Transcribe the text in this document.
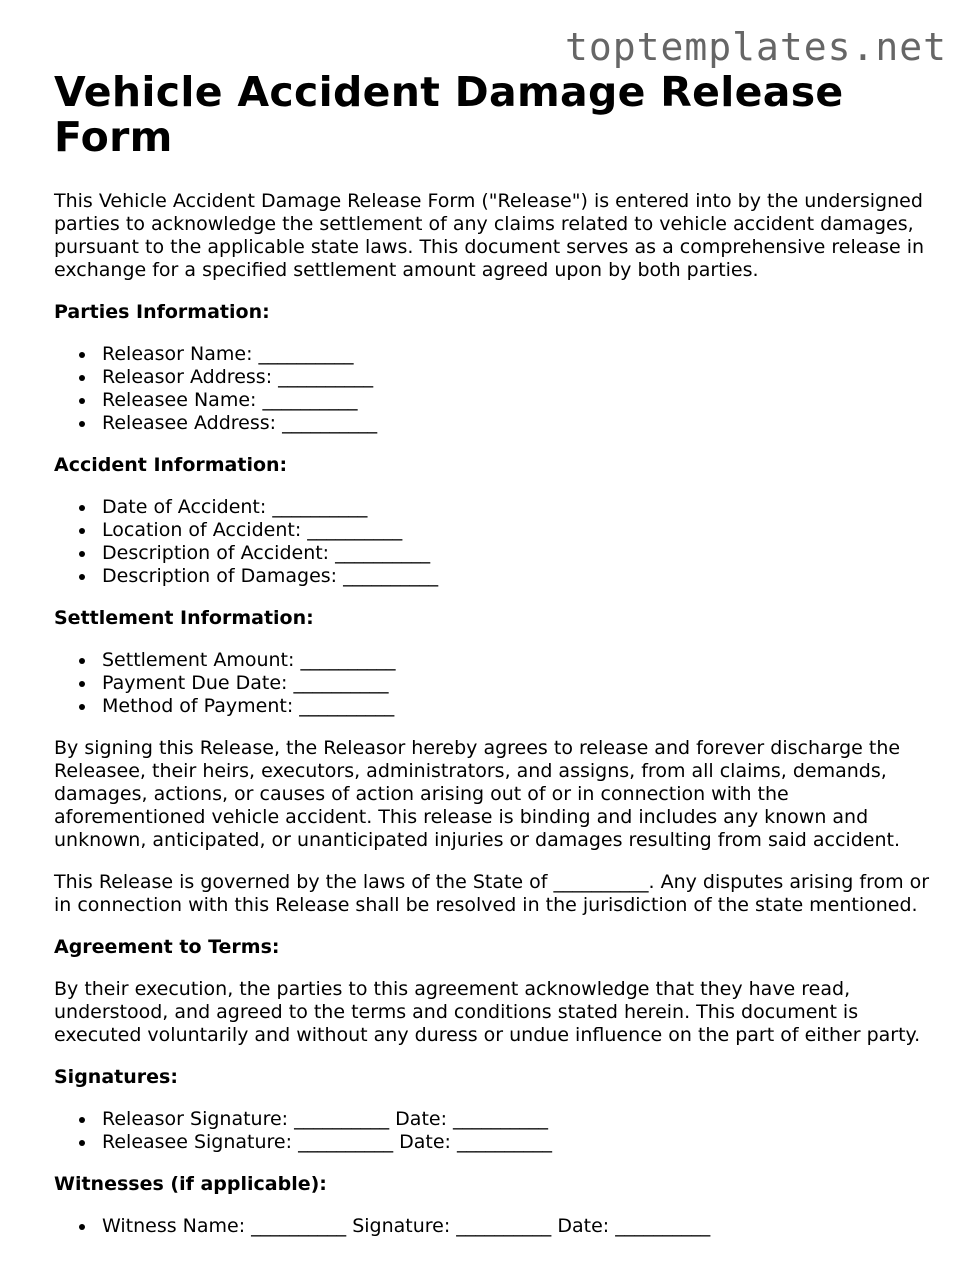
toptemplates.net
Vehicle Accident Damage Release Form

This Vehicle Accident Damage Release Form ("Release") is entered into by the undersigned parties to acknowledge the settlement of any claims related to vehicle accident damages, pursuant to the applicable state laws. This document serves as a comprehensive release in exchange for a specified settlement amount agreed upon by both parties.

Parties Information:
Releasor Name: __________
Releasor Address: __________
Releasee Name: __________
Releasee Address: __________
Accident Information:
Date of Accident: __________
Location of Accident: __________
Description of Accident: __________
Description of Damages: __________
Settlement Information:
Settlement Amount: __________
Payment Due Date: __________
Method of Payment: __________

By signing this Release, the Releasor hereby agrees to release and forever discharge the Releasee, their heirs, executors, administrators, and assigns, from all claims, demands, damages, actions, or causes of action arising out of or in connection with the aforementioned vehicle accident. This release is binding and includes any known and unknown, anticipated, or unanticipated injuries or damages resulting from said accident.

This Release is governed by the laws of the State of __________. Any disputes arising from or in connection with this Release shall be resolved in the jurisdiction of the state mentioned.

Agreement to Terms:

By their execution, the parties to this agreement acknowledge that they have read, understood, and agreed to the terms and conditions stated herein. This document is executed voluntarily and without any duress or undue influence on the part of either party.

Signatures:
Releasor Signature: __________ Date: __________
Releasee Signature: __________ Date: __________
Witnesses (if applicable):
Witness Name: __________ Signature: __________ Date: __________
